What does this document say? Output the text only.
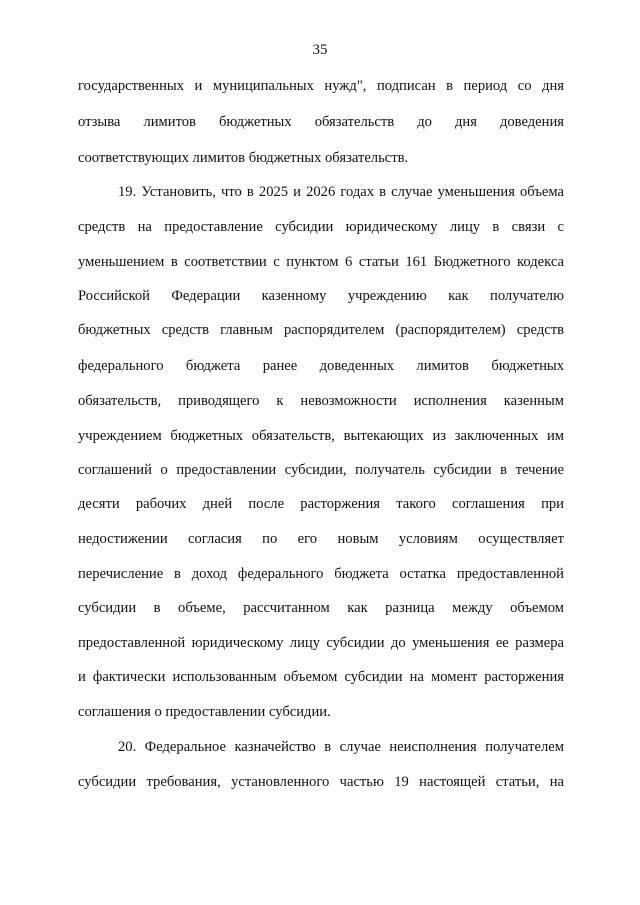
35
государственных и муниципальных нужд", подписан в период со дня
отзыва лимитов бюджетных обязательств до дня доведения
соответствующих лимитов бюджетных обязательств.
19. Установить, что в 2025 и 2026 годах в случае уменьшения объема
средств на предоставление субсидии юридическому лицу в связи с
уменьшением в соответствии с пунктом 6 статьи 161 Бюджетного кодекса
Российской Федерации казенному учреждению как получателю
бюджетных средств главным распорядителем (распорядителем) средств
федерального бюджета ранее доведенных лимитов бюджетных
обязательств, приводящего к невозможности исполнения казенным
учреждением бюджетных обязательств, вытекающих из заключенных им
соглашений о предоставлении субсидии, получатель субсидии в течение
десяти рабочих дней после расторжения такого соглашения при
недостижении согласия по его новым условиям осуществляет
перечисление в доход федерального бюджета остатка предоставленной
субсидии в объеме, рассчитанном как разница между объемом
предоставленной юридическому лицу субсидии до уменьшения ее размера
и фактически использованным объемом субсидии на момент расторжения
соглашения о предоставлении субсидии.
20. Федеральное казначейство в случае неисполнения получателем
субсидии требования, установленного частью 19 настоящей статьи, на
